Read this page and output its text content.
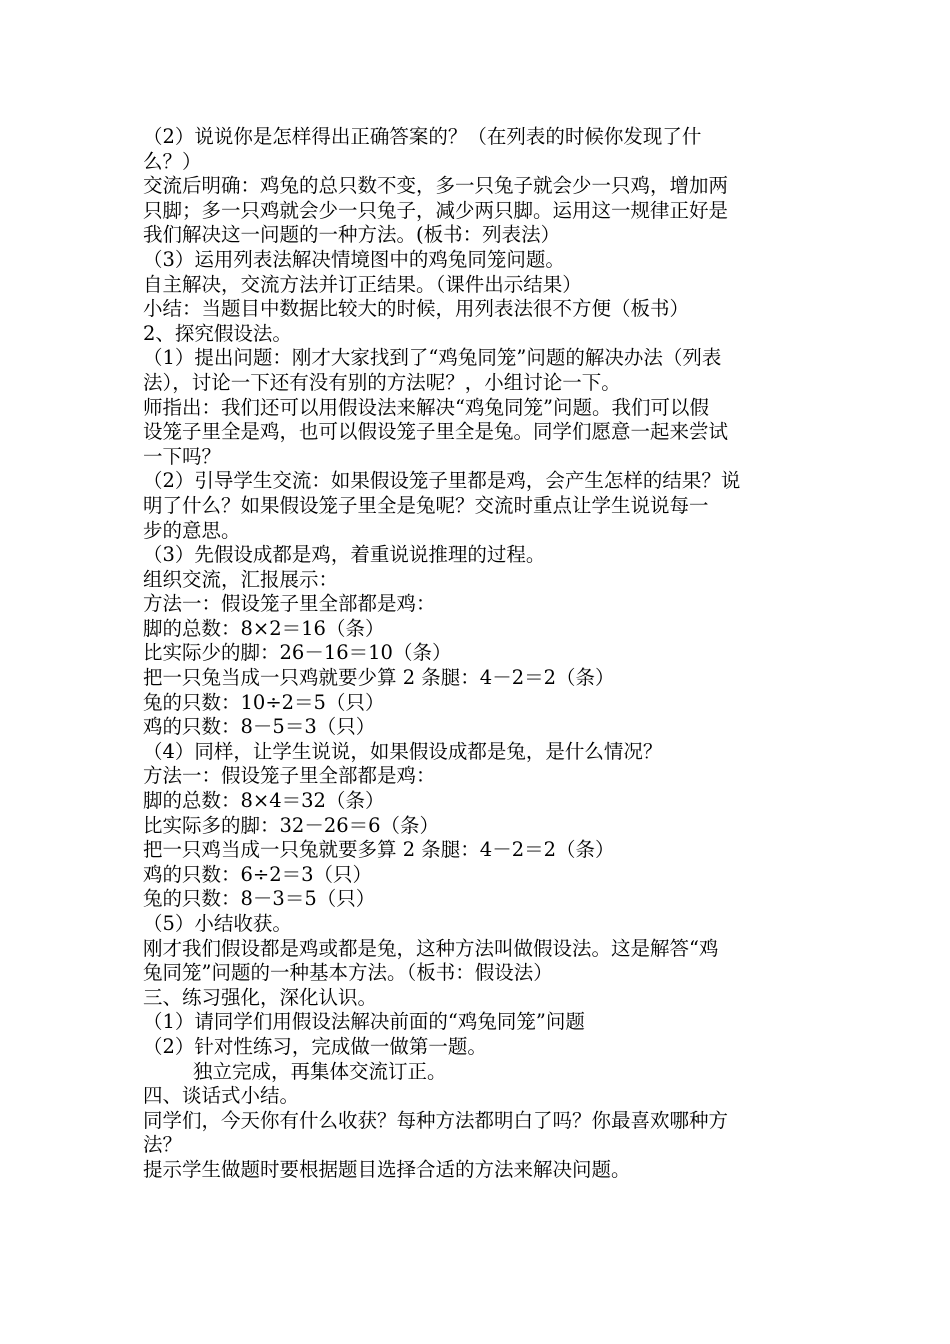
（2）说说你是怎样得出正确答案的？（在列表的时候你发现了什
么？）
交流后明确：鸡兔的总只数不变，多一只兔子就会少一只鸡，增加两
只脚；多一只鸡就会少一只兔子，减少两只脚。运用这一规律正好是
我们解决这一问题的一种方法。(板书：列表法）
（3）运用列表法解决情境图中的鸡兔同笼问题。
自主解决，交流方法并订正结果。（课件出示结果）
小结：当题目中数据比较大的时候，用列表法很不方便（板书）
2、探究假设法。
（1）提出问题：刚才大家找到了“鸡兔同笼”问题的解决办法（列表
法），讨论一下还有没有别的方法呢？，小组讨论一下。
师指出：我们还可以用假设法来解决“鸡兔同笼”问题。我们可以假
设笼子里全是鸡，也可以假设笼子里全是兔。同学们愿意一起来尝试
一下吗？
（2）引导学生交流：如果假设笼子里都是鸡，会产生怎样的结果？说
明了什么？如果假设笼子里全是兔呢？交流时重点让学生说说每一
步的意思。
（3）先假设成都是鸡，着重说说推理的过程。
组织交流，汇报展示：
方法一：假设笼子里全部都是鸡：
脚的总数：8×2＝16（条）
比实际少的脚：26－16＝10（条）
把一只兔当成一只鸡就要少算 2 条腿：4－2＝2（条）
兔的只数：10÷2＝5（只）
鸡的只数：8－5＝3（只）
（4）同样，让学生说说，如果假设成都是兔，是什么情况？
方法一：假设笼子里全部都是鸡：
脚的总数：8×4＝32（条）
比实际多的脚：32－26＝6（条）
把一只鸡当成一只兔就要多算 2 条腿：4－2＝2（条）
鸡的只数：6÷2＝3（只）
兔的只数：8－3＝5（只）
（5）小结收获。
刚才我们假设都是鸡或都是兔，这种方法叫做假设法。这是解答“鸡
兔同笼”问题的一种基本方法。（板书：假设法）
三、练习强化，深化认识。
（1）请同学们用假设法解决前面的“鸡兔同笼”问题
（2）针对性练习，完成做一做第一题。
独立完成，再集体交流订正。
四、谈话式小结。
同学们，今天你有什么收获？每种方法都明白了吗？你最喜欢哪种方
法？
提示学生做题时要根据题目选择合适的方法来解决问题。
